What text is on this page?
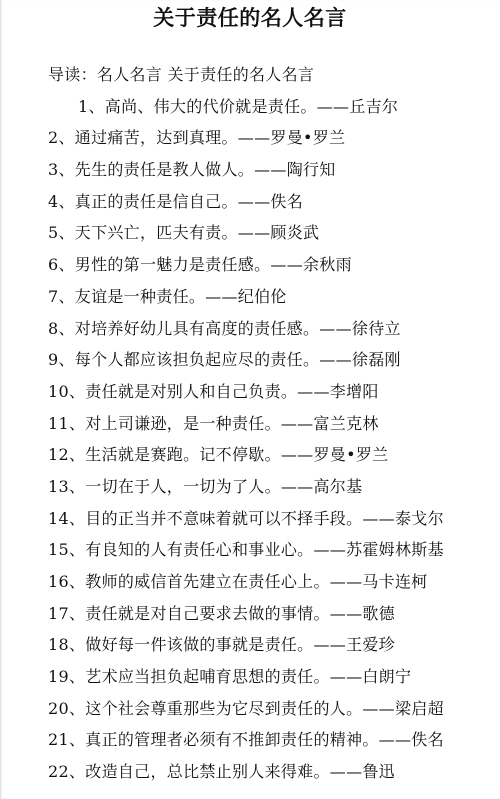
关于责任的名人名言
导读：名人名言 关于责任的名人名言
1、高尚、伟大的代价就是责任。——丘吉尔
2、通过痛苦，达到真理。——罗曼•罗兰
3、先生的责任是教人做人。——陶行知
4、真正的责任是信自己。——佚名
5、天下兴亡，匹夫有责。——顾炎武
6、男性的第一魅力是责任感。——余秋雨
7、友谊是一种责任。——纪伯伦
8、对培养好幼儿具有高度的责任感。——徐待立
9、每个人都应该担负起应尽的责任。——徐磊刚
10、责任就是对别人和自己负责。——李增阳
11、对上司谦逊，是一种责任。——富兰克林
12、生活就是赛跑。记不停歇。——罗曼•罗兰
13、一切在于人，一切为了人。——高尔基
14、目的正当并不意味着就可以不择手段。——泰戈尔
15、有良知的人有责任心和事业心。——苏霍姆林斯基
16、教师的威信首先建立在责任心上。——马卡连柯
17、责任就是对自己要求去做的事情。——歌德
18、做好每一件该做的事就是责任。——王爱珍
19、艺术应当担负起哺育思想的责任。——白朗宁
20、这个社会尊重那些为它尽到责任的人。——梁启超
21、真正的管理者必须有不推卸责任的精神。——佚名
22、改造自己，总比禁止别人来得难。——鲁迅
